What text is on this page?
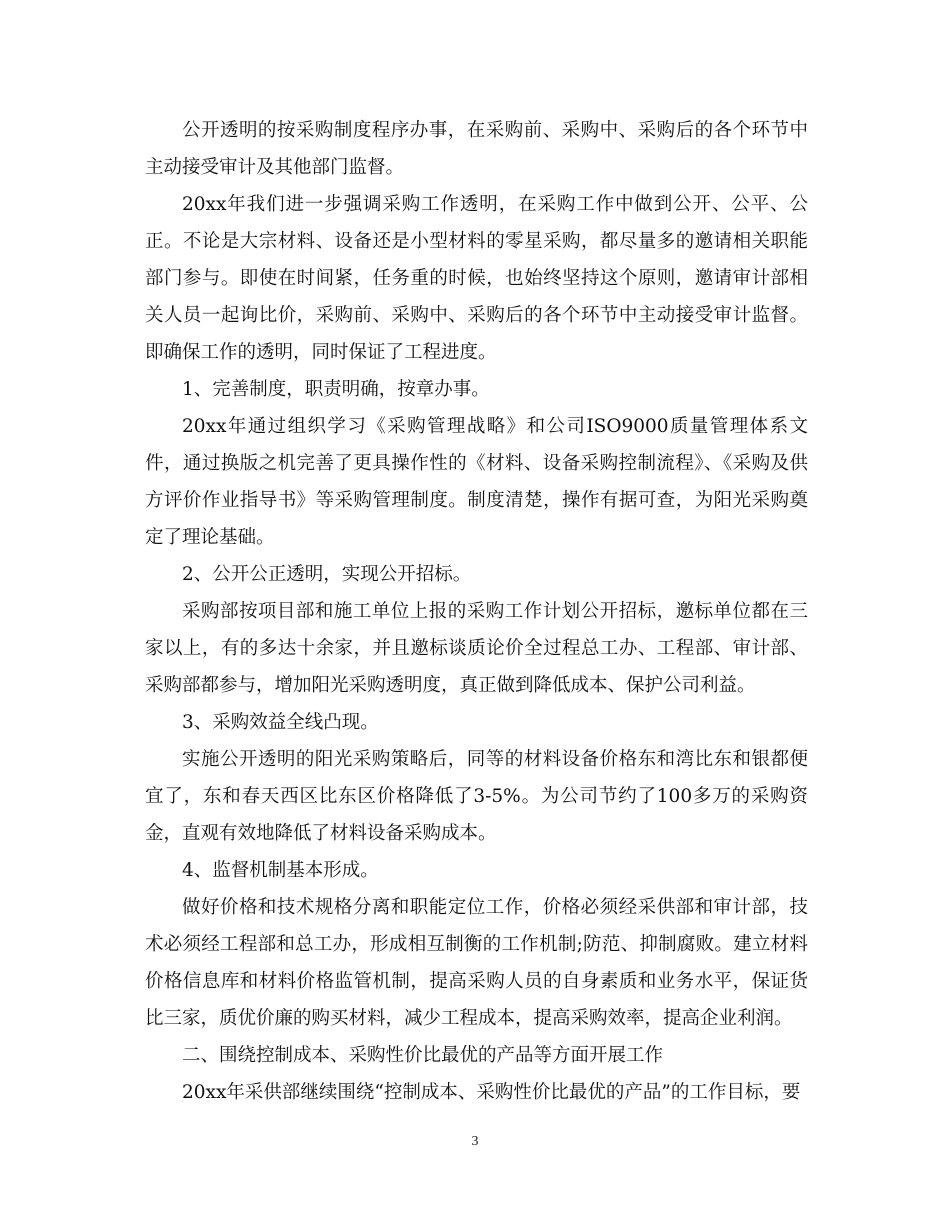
公开透明的按采购制度程序办事，在采购前、采购中、采购后的各个环节中主动接受审计及其他部门监督。

20xx年我们进一步强调采购工作透明，在采购工作中做到公开、公平、公正。不论是大宗材料、设备还是小型材料的零星采购，都尽量多的邀请相关职能部门参与。即使在时间紧，任务重的时候，也始终坚持这个原则，邀请审计部相关人员一起询比价，采购前、采购中、采购后的各个环节中主动接受审计监督。即确保工作的透明，同时保证了工程进度。

1、完善制度，职责明确，按章办事。

20xx年通过组织学习《采购管理战略》和公司ISO9000质量管理体系文件，通过换版之机完善了更具操作性的《材料、设备采购控制流程》、《采购及供方评价作业指导书》等采购管理制度。制度清楚，操作有据可查，为阳光采购奠定了理论基础。

2、公开公正透明，实现公开招标。

采购部按项目部和施工单位上报的采购工作计划公开招标，邀标单位都在三家以上，有的多达十余家，并且邀标谈质论价全过程总工办、工程部、审计部、采购部都参与，增加阳光采购透明度，真正做到降低成本、保护公司利益。

3、采购效益全线凸现。

实施公开透明的阳光采购策略后，同等的材料设备价格东和湾比东和银都便宜了，东和春天西区比东区价格降低了3-5%。为公司节约了100多万的采购资金，直观有效地降低了材料设备采购成本。

4、监督机制基本形成。

做好价格和技术规格分离和职能定位工作，价格必须经采供部和审计部，技术必须经工程部和总工办，形成相互制衡的工作机制;防范、抑制腐败。建立材料价格信息库和材料价格监管机制，提高采购人员的自身素质和业务水平，保证货比三家，质优价廉的购买材料，减少工程成本，提高采购效率，提高企业利润。

二、围绕控制成本、采购性价比最优的产品等方面开展工作

20xx年采供部继续围绕“控制成本、采购性价比最优的产品”的工作目标，要

3
